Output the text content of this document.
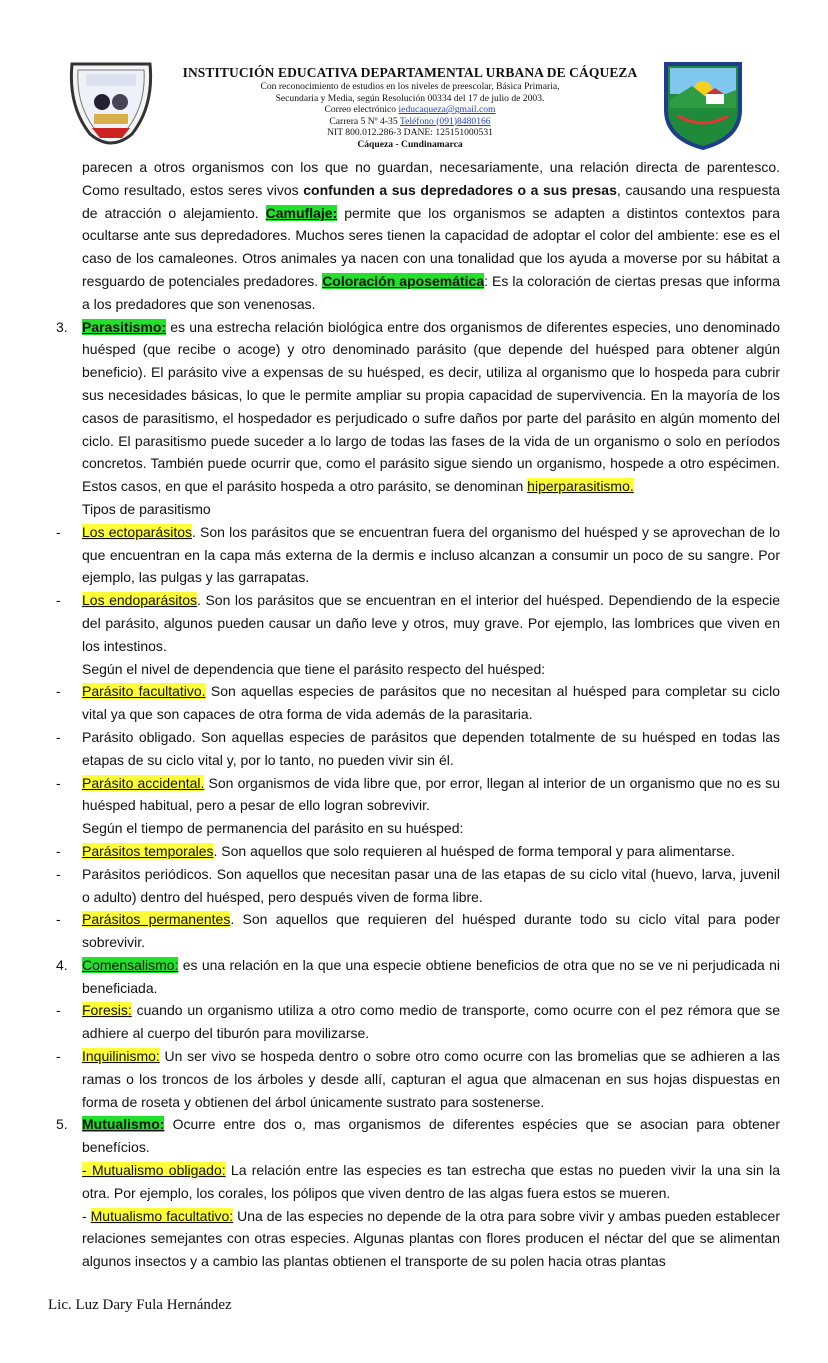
INSTITUCIÓN EDUCATIVA DEPARTAMENTAL URBANA DE CÁQUEZA
Con reconocimiento de estudios en los niveles de preescolar, Básica Primaria,
Secundaria y Media, según Resolución 00334 del 17 de julio de 2003.
Correo electrónico ieducaqueza@gmail.com
Carrera 5 Nº 4-35 Teléfono (091)8480166
NIT 800.012.286-3 DANE: 125151000531
Cáqueza - Cundinamarca

parecen a otros organismos con los que no guardan, necesariamente, una relación directa de parentesco. Como resultado, estos seres vivos confunden a sus depredadores o a sus presas, causando una respuesta de atracción o alejamiento. Camuflaje: permite que los organismos se adapten a distintos contextos para ocultarse ante sus depredadores. Muchos seres tienen la capacidad de adoptar el color del ambiente: ese es el caso de los camaleones. Otros animales ya nacen con una tonalidad que los ayuda a moverse por su hábitat a resguardo de potenciales predadores. Coloración aposemática: Es la coloración de ciertas presas que informa a los predadores que son venenosas.

3.	Parasitismo: es una estrecha relación biológica entre dos organismos de diferentes especies, uno denominado huésped (que recibe o acoge) y otro denominado parásito (que depende del huésped para obtener algún beneficio). El parásito vive a expensas de su huésped, es decir, utiliza al organismo que lo hospeda para cubrir sus necesidades básicas, lo que le permite ampliar su propia capacidad de supervivencia. En la mayoría de los casos de parasitismo, el hospedador es perjudicado o sufre daños por parte del parásito en algún momento del ciclo. El parasitismo puede suceder a lo largo de todas las fases de la vida de un organismo o solo en períodos concretos. También puede ocurrir que, como el parásito sigue siendo un organismo, hospede a otro espécimen. Estos casos, en que el parásito hospeda a otro parásito, se denominan hiperparasitismo.

Tipos de parasitismo

-	Los ectoparásitos. Son los parásitos que se encuentran fuera del organismo del huésped y se aprovechan de lo que encuentran en la capa más externa de la dermis e incluso alcanzan a consumir un poco de su sangre. Por ejemplo, las pulgas y las garrapatas.

-	Los endoparásitos. Son los parásitos que se encuentran en el interior del huésped. Dependiendo de la especie del parásito, algunos pueden causar un daño leve y otros, muy grave. Por ejemplo, las lombrices que viven en los intestinos.

Según el nivel de dependencia que tiene el parásito respecto del huésped:

-	Parásito facultativo. Son aquellas especies de parásitos que no necesitan al huésped para completar su ciclo vital ya que son capaces de otra forma de vida además de la parasitaria.

-	Parásito obligado. Son aquellas especies de parásitos que dependen totalmente de su huésped en todas las etapas de su ciclo vital y, por lo tanto, no pueden vivir sin él.

-	Parásito accidental. Son organismos de vida libre que, por error, llegan al interior de un organismo que no es su huésped habitual, pero a pesar de ello logran sobrevivir.

Según el tiempo de permanencia del parásito en su huésped:

-	Parásitos temporales. Son aquellos que solo requieren al huésped de forma temporal y para alimentarse.

-	Parásitos periódicos. Son aquellos que necesitan pasar una de las etapas de su ciclo vital (huevo, larva, juvenil o adulto) dentro del huésped, pero después viven de forma libre.

-	Parásitos permanentes. Son aquellos que requieren del huésped durante todo su ciclo vital para poder sobrevivir.

4.	Comensalismo: es una relación en la que una especie obtiene beneficios de otra que no se ve ni perjudicada ni beneficiada.

-	Foresis: cuando un organismo utiliza a otro como medio de transporte, como ocurre con el pez rémora que se adhiere al cuerpo del tiburón para movilizarse.

-	Inquilinismo: Un ser vivo se hospeda dentro o sobre otro como ocurre con las bromelias que se adhieren a las ramas o los troncos de los árboles y desde allí, capturan el agua que almacenan en sus hojas dispuestas en forma de roseta y obtienen del árbol únicamente sustrato para sostenerse.

5.	Mutualismo: Ocurre entre dos o, mas organismos de diferentes espécies que se asocian para obtener benefícios.

- Mutualismo obligado: La relación entre las especies es tan estrecha que estas no pueden vivir la una sin la otra. Por ejemplo, los corales, los pólipos que viven dentro de las algas fuera estos se mueren.

- Mutualismo facultativo: Una de las especies no depende de la otra para sobre vivir y ambas pueden establecer relaciones semejantes con otras especies. Algunas plantas con flores producen el néctar del que se alimentan algunos insectos y a cambio las plantas obtienen el transporte de su polen hacia otras plantas

Lic. Luz Dary Fula Hernández
